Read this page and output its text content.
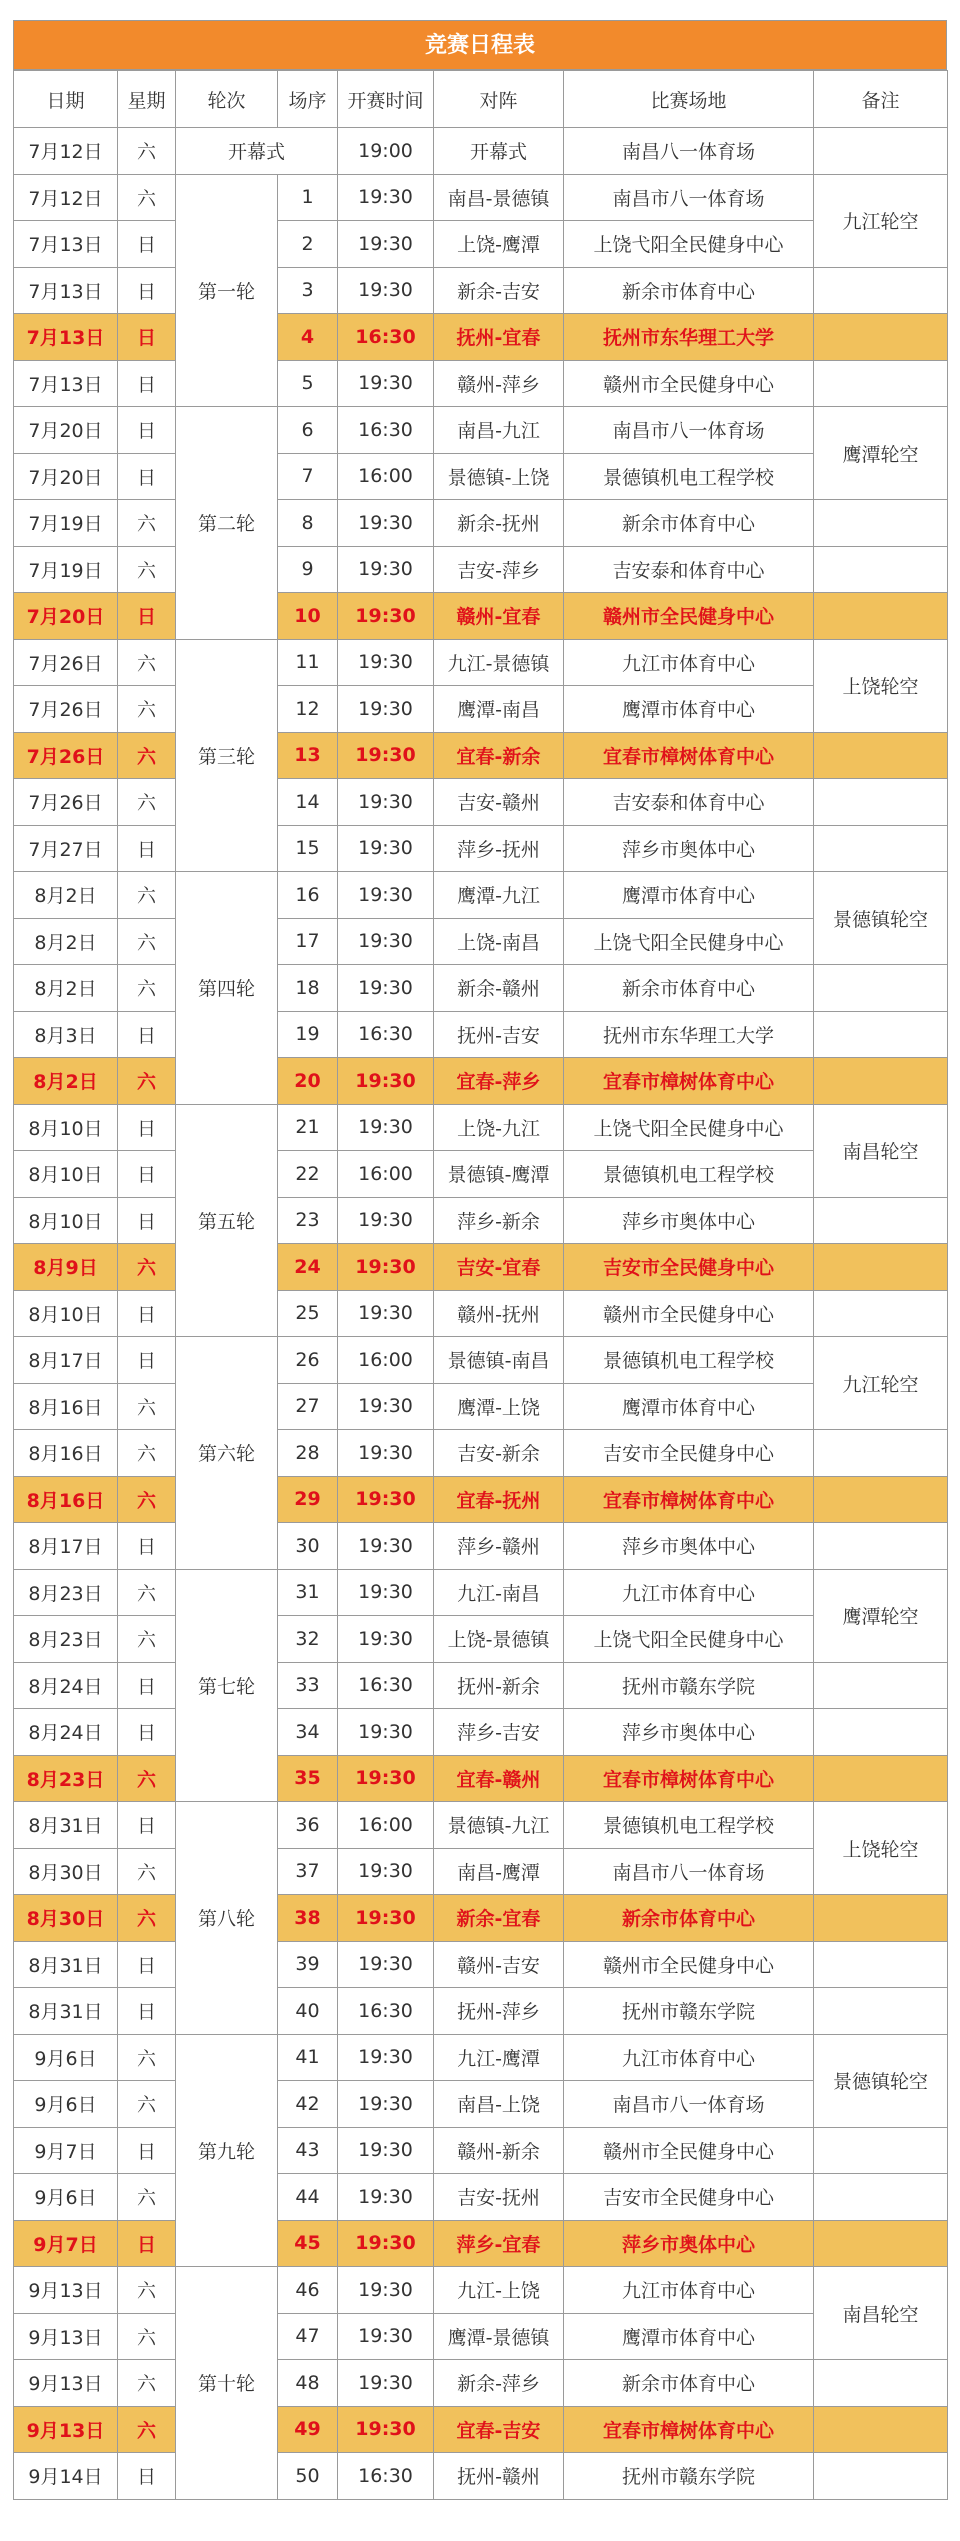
竞赛日程表
日期	星期	轮次	场序	开赛时间	对阵	比赛场地	备注
7月12日	六	开幕式		19:00	开幕式	南昌八一体育场	
7月12日	六	第一轮	1	19:30	南昌-景德镇	南昌市八一体育场	九江轮空
7月13日	日		2	19:30	上饶-鹰潭	上饶弋阳全民健身中心	
7月13日	日		3	19:30	新余-吉安	新余市体育中心	
7月13日	日		4	16:30	抚州-宜春	抚州市东华理工大学	
7月13日	日		5	19:30	赣州-萍乡	赣州市全民健身中心	
7月20日	日	第二轮	6	16:30	南昌-九江	南昌市八一体育场	鹰潭轮空
7月20日	日		7	16:00	景德镇-上饶	景德镇机电工程学校	
7月19日	六		8	19:30	新余-抚州	新余市体育中心	
7月19日	六		9	19:30	吉安-萍乡	吉安泰和体育中心	
7月20日	日		10	19:30	赣州-宜春	赣州市全民健身中心	
7月26日	六	第三轮	11	19:30	九江-景德镇	九江市体育中心	上饶轮空
7月26日	六		12	19:30	鹰潭-南昌	鹰潭市体育中心	
7月26日	六		13	19:30	宜春-新余	宜春市樟树体育中心	
7月26日	六		14	19:30	吉安-赣州	吉安泰和体育中心	
7月27日	日		15	19:30	萍乡-抚州	萍乡市奥体中心	
8月2日	六	第四轮	16	19:30	鹰潭-九江	鹰潭市体育中心	景德镇轮空
8月2日	六		17	19:30	上饶-南昌	上饶弋阳全民健身中心	
8月2日	六		18	19:30	新余-赣州	新余市体育中心	
8月3日	日		19	16:30	抚州-吉安	抚州市东华理工大学	
8月2日	六		20	19:30	宜春-萍乡	宜春市樟树体育中心	
8月10日	日	第五轮	21	19:30	上饶-九江	上饶弋阳全民健身中心	南昌轮空
8月10日	日		22	16:00	景德镇-鹰潭	景德镇机电工程学校	
8月10日	日		23	19:30	萍乡-新余	萍乡市奥体中心	
8月9日	六		24	19:30	吉安-宜春	吉安市全民健身中心	
8月10日	日		25	19:30	赣州-抚州	赣州市全民健身中心	
8月17日	日	第六轮	26	16:00	景德镇-南昌	景德镇机电工程学校	九江轮空
8月16日	六		27	19:30	鹰潭-上饶	鹰潭市体育中心	
8月16日	六		28	19:30	吉安-新余	吉安市全民健身中心	
8月16日	六		29	19:30	宜春-抚州	宜春市樟树体育中心	
8月17日	日		30	19:30	萍乡-赣州	萍乡市奥体中心	
8月23日	六	第七轮	31	19:30	九江-南昌	九江市体育中心	鹰潭轮空
8月23日	六		32	19:30	上饶-景德镇	上饶弋阳全民健身中心	
8月24日	日		33	16:30	抚州-新余	抚州市赣东学院	
8月24日	日		34	19:30	萍乡-吉安	萍乡市奥体中心	
8月23日	六		35	19:30	宜春-赣州	宜春市樟树体育中心	
8月31日	日	第八轮	36	16:00	景德镇-九江	景德镇机电工程学校	上饶轮空
8月30日	六		37	19:30	南昌-鹰潭	南昌市八一体育场	
8月30日	六		38	19:30	新余-宜春	新余市体育中心	
8月31日	日		39	19:30	赣州-吉安	赣州市全民健身中心	
8月31日	日		40	16:30	抚州-萍乡	抚州市赣东学院	
9月6日	六	第九轮	41	19:30	九江-鹰潭	九江市体育中心	景德镇轮空
9月6日	六		42	19:30	南昌-上饶	南昌市八一体育场	
9月7日	日		43	19:30	赣州-新余	赣州市全民健身中心	
9月6日	六		44	19:30	吉安-抚州	吉安市全民健身中心	
9月7日	日		45	19:30	萍乡-宜春	萍乡市奥体中心	
9月13日	六	第十轮	46	19:30	九江-上饶	九江市体育中心	南昌轮空
9月13日	六		47	19:30	鹰潭-景德镇	鹰潭市体育中心	
9月13日	六		48	19:30	新余-萍乡	新余市体育中心	
9月13日	六		49	19:30	宜春-吉安	宜春市樟树体育中心	
9月14日	日		50	16:30	抚州-赣州	抚州市赣东学院	
